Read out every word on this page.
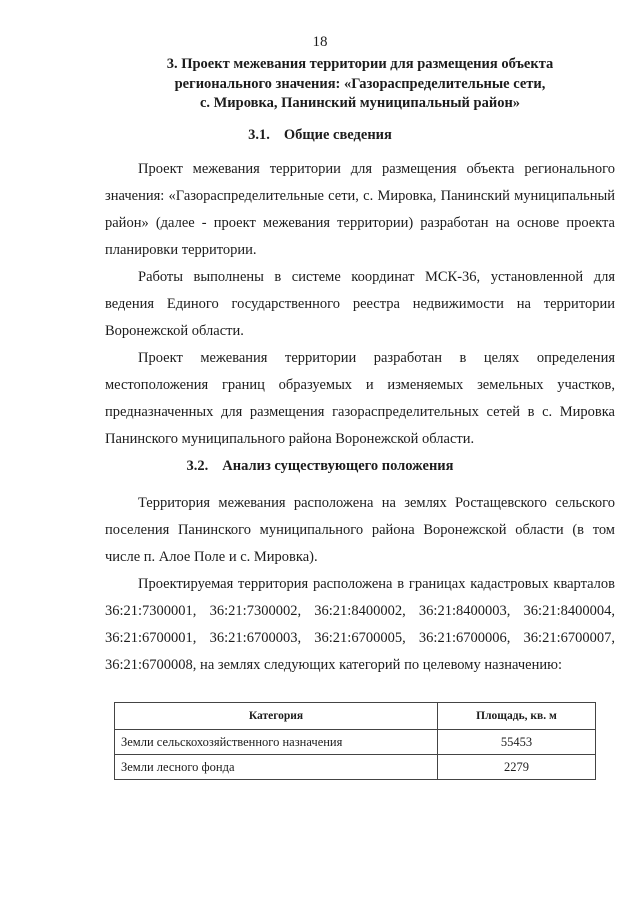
18
3. Проект межевания территории для размещения объекта
регионального значения: «Газораспределительные сети,
с. Мировка, Панинский муниципальный район»
3.1. Общие сведения
Проект межевания территории для размещения объекта регионального значения: «Газораспределительные сети, с. Мировка, Панинский муниципальный район» (далее - проект межевания территории) разработан на основе проекта планировки территории.
Работы выполнены в системе координат МСК-36, установленной для ведения Единого государственного реестра недвижимости на территории Воронежской области.
Проект межевания территории разработан в целях определения местоположения границ образуемых и изменяемых земельных участков, предназначенных для размещения газораспределительных сетей в с. Мировка Панинского муниципального района Воронежской области.
3.2. Анализ существующего положения
Территория межевания расположена на землях Ростащевского сельского поселения Панинского муниципального района Воронежской области (в том числе п. Алое Поле и с. Мировка).
Проектируемая территория расположена в границах кадастровых кварталов 36:21:7300001, 36:21:7300002, 36:21:8400002, 36:21:8400003, 36:21:8400004, 36:21:6700001, 36:21:6700003, 36:21:6700005, 36:21:6700006, 36:21:6700007, 36:21:6700008, на землях следующих категорий по целевому назначению:
Категория	Площадь, кв. м
Земли сельскохозяйственного назначения	55453
Земли лесного фонда	2279
